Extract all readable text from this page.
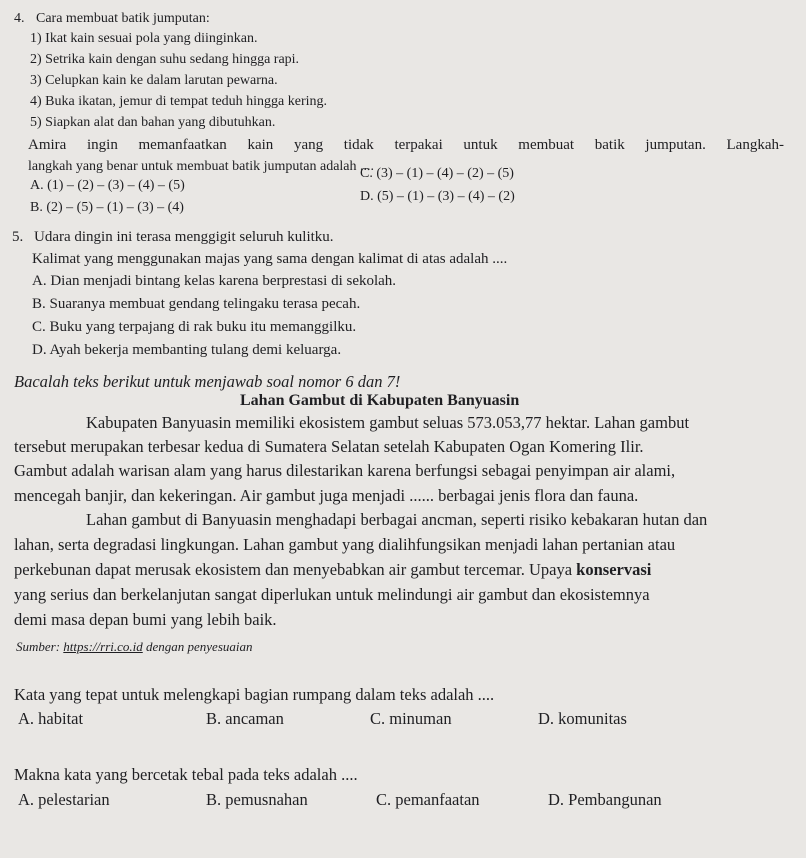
4. Cara membuat batik jumputan:
1) Ikat kain sesuai pola yang diinginkan.
2) Setrika kain dengan suhu sedang hingga rapi.
3) Celupkan kain ke dalam larutan pewarna.
4) Buka ikatan, jemur di tempat teduh hingga kering.
5) Siapkan alat dan bahan yang dibutuhkan.
Amira ingin memanfaatkan kain yang tidak terpakai untuk membuat batik jumputan. Langkah-
langkah yang benar untuk membuat batik jumputan adalah ....
A. (1) – (2) – (3) – (4) – (5)
C. (3) – (1) – (4) – (2) – (5)
B. (2) – (5) – (1) – (3) – (4)
D. (5) – (1) – (3) – (4) – (2)
5. Udara dingin ini terasa menggigit seluruh kulitku.
Kalimat yang menggunakan majas yang sama dengan kalimat di atas adalah ....
A. Dian menjadi bintang kelas karena berprestasi di sekolah.
B. Suaranya membuat gendang telingaku terasa pecah.
C. Buku yang terpajang di rak buku itu memanggilku.
D. Ayah bekerja membanting tulang demi keluarga.
Bacalah teks berikut untuk menjawab soal nomor 6 dan 7!
Lahan Gambut di Kabupaten Banyuasin
Kabupaten Banyuasin memiliki ekosistem gambut seluas 573.053,77 hektar. Lahan gambut
tersebut merupakan terbesar kedua di Sumatera Selatan setelah Kabupaten Ogan Komering Ilir.
Gambut adalah warisan alam yang harus dilestarikan karena berfungsi sebagai penyimpan air alami,
mencegah banjir, dan kekeringan. Air gambut juga menjadi ...... berbagai jenis flora dan fauna.
Lahan gambut di Banyuasin menghadapi berbagai ancman, seperti risiko kebakaran hutan dan
lahan, serta degradasi lingkungan. Lahan gambut yang dialihfungsikan menjadi lahan pertanian atau
perkebunan dapat merusak ekosistem dan menyebabkan air gambut tercemar. Upaya konservasi
yang serius dan berkelanjutan sangat diperlukan untuk melindungi air gambut dan ekosistemnya
demi masa depan bumi yang lebih baik.
Sumber: https://rri.co.id dengan penyesuaian
Kata yang tepat untuk melengkapi bagian rumpang dalam teks adalah ....
A. habitat	B. ancaman	C. minuman	D. komunitas
Makna kata yang bercetak tebal pada teks adalah ....
A. pelestarian	B. pemusnahan	C. pemanfaatan	D. Pembangunan
